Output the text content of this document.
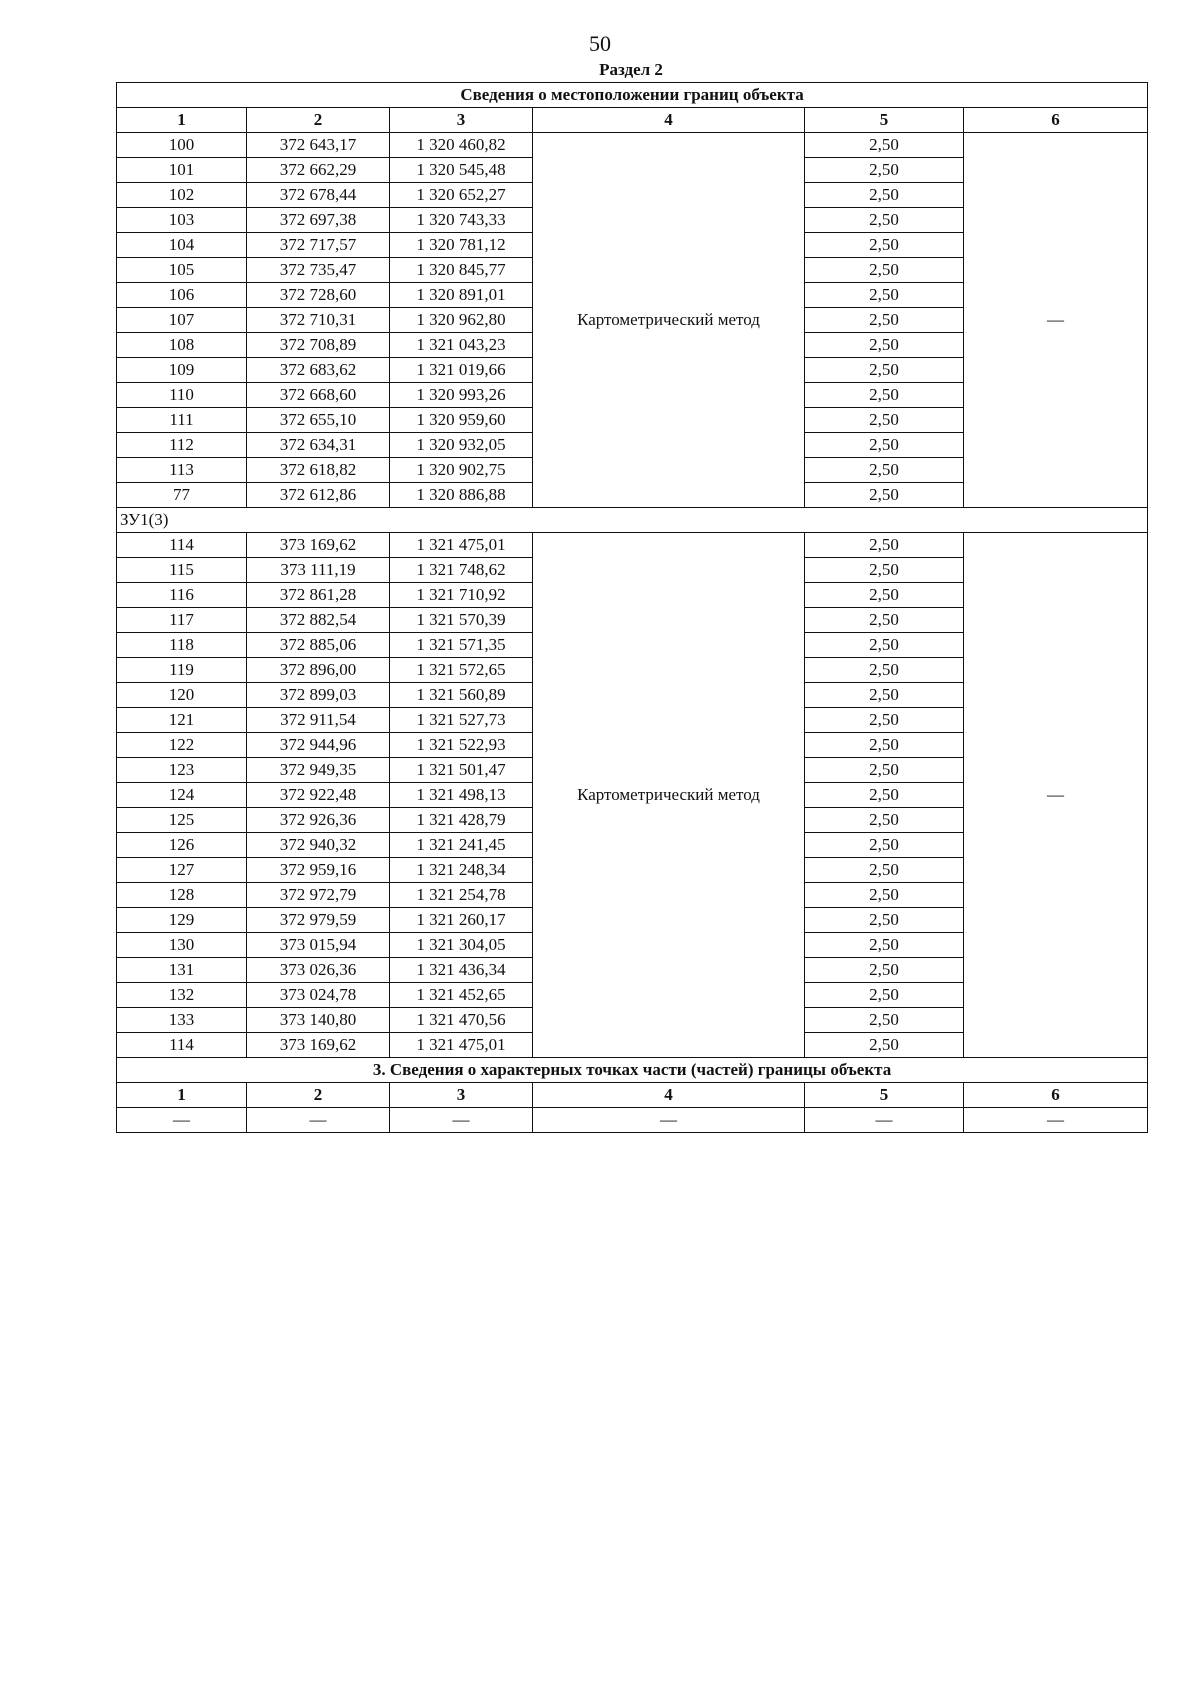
50
Раздел 2
Сведения о местоположении границ объекта					
1	2	3	4	5	6
100	372 643,17	1 320 460,82	Картометрический метод	2,50	—
101	372 662,29	1 320 545,48		2,50	
102	372 678,44	1 320 652,27		2,50	
103	372 697,38	1 320 743,33		2,50	
104	372 717,57	1 320 781,12		2,50	
105	372 735,47	1 320 845,77		2,50	
106	372 728,60	1 320 891,01		2,50	
107	372 710,31	1 320 962,80		2,50	
108	372 708,89	1 321 043,23		2,50	
109	372 683,62	1 321 019,66		2,50	
110	372 668,60	1 320 993,26		2,50	
111	372 655,10	1 320 959,60		2,50	
112	372 634,31	1 320 932,05		2,50	
113	372 618,82	1 320 902,75		2,50	
77	372 612,86	1 320 886,88		2,50	
ЗУ1(3)					
114	373 169,62	1 321 475,01	Картометрический метод	2,50	—
115	373 111,19	1 321 748,62		2,50	
116	372 861,28	1 321 710,92		2,50	
117	372 882,54	1 321 570,39		2,50	
118	372 885,06	1 321 571,35		2,50	
119	372 896,00	1 321 572,65		2,50	
120	372 899,03	1 321 560,89		2,50	
121	372 911,54	1 321 527,73		2,50	
122	372 944,96	1 321 522,93		2,50	
123	372 949,35	1 321 501,47		2,50	
124	372 922,48	1 321 498,13		2,50	
125	372 926,36	1 321 428,79		2,50	
126	372 940,32	1 321 241,45		2,50	
127	372 959,16	1 321 248,34		2,50	
128	372 972,79	1 321 254,78		2,50	
129	372 979,59	1 321 260,17		2,50	
130	373 015,94	1 321 304,05		2,50	
131	373 026,36	1 321 436,34		2,50	
132	373 024,78	1 321 452,65		2,50	
133	373 140,80	1 321 470,56		2,50	
114	373 169,62	1 321 475,01		2,50	
3. Сведения о характерных точках части (частей) границы объекта					
1	2	3	4	5	6
—	—	—	—	—	—
